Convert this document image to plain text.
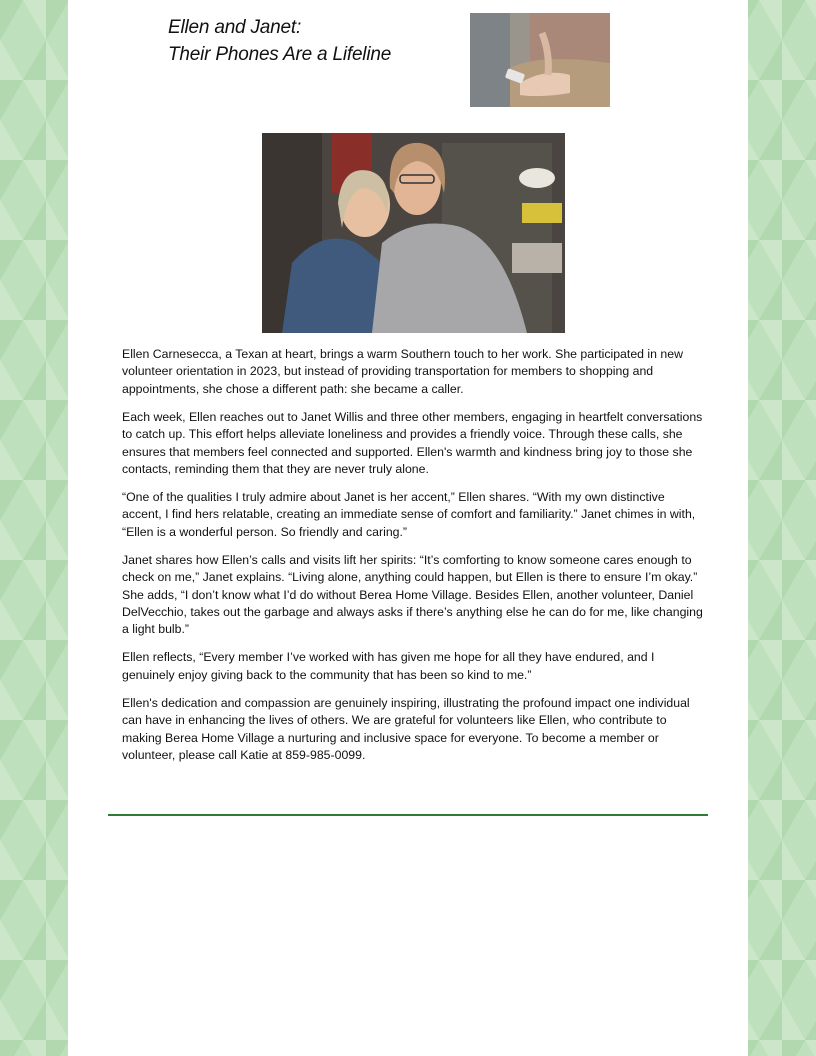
Ellen and Janet:
Their Phones Are a Lifeline

Ellen Carnesecca, a Texan at heart, brings a warm Southern touch to her work. She participated in new volunteer orientation in 2023, but instead of providing transportation for members to shopping and appointments, she chose a different path: she became a caller.

Each week, Ellen reaches out to Janet Willis and three other members, engaging in heartfelt conversations to catch up. This effort helps alleviate loneliness and provides a friendly voice. Through these calls, she ensures that members feel connected and supported. Ellen's warmth and kindness bring joy to those she contacts, reminding them that they are never truly alone.

“One of the qualities I truly admire about Janet is her accent,” Ellen shares. “With my own distinctive accent, I find hers relatable, creating an immediate sense of comfort and familiarity.” Janet chimes in with, “Ellen is a wonderful person. So friendly and caring.”

Janet shares how Ellen’s calls and visits lift her spirits: “It’s comforting to know someone cares enough to check on me,” Janet explains. “Living alone, anything could happen, but Ellen is there to ensure I’m okay.” She adds, “I don’t know what I’d do without Berea Home Village. Besides Ellen, another volunteer, Daniel DelVecchio, takes out the garbage and always asks if there’s anything else he can do for me, like changing a light bulb.”

Ellen reflects, “Every member I’ve worked with has given me hope for all they have endured, and I genuinely enjoy giving back to the community that has been so kind to me.”

Ellen's dedication and compassion are genuinely inspiring, illustrating the profound impact one individual can have in enhancing the lives of others. We are grateful for volunteers like Ellen, who contribute to making Berea Home Village a nurturing and inclusive space for everyone. To become a member or volunteer, please call Katie at 859-985-0099.
